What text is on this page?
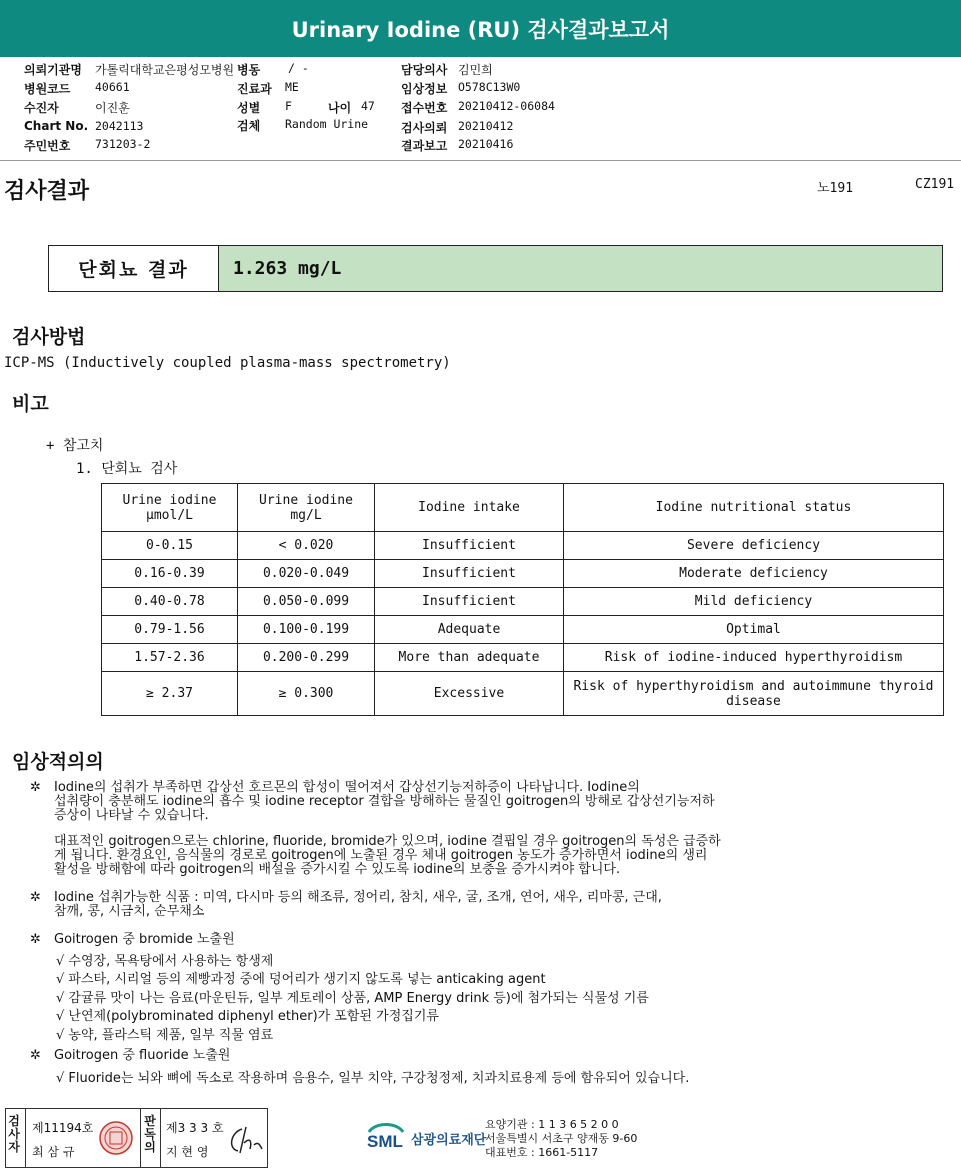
Urinary Iodine (RU) 검사결과보고서
의뢰기관명 가톨릭대학교은평성모병원 병동 / -	담당의사 김민희
병원코드 40661	진료과 ME	임상정보 O578C13W0
수진자	이진훈	성별 F	나이 47 접수번호 20210412-06084
Chart No. 2042113	검체 Random Urine	검사의뢰 20210412
주민번호 731203-2	결과보고 20210416
검사결과	노191	CZ191
단회뇨 결과	1.263 mg/L
검사방법
ICP-MS (Inductively coupled plasma-mass spectrometry)
비고
+ 참고치
1. 단회뇨 검사
Urine iodine μmol/L	Urine iodine mg/L	Iodine intake	Iodine nutritional status
0-0.15	< 0.020	Insufficient	Severe deficiency
0.16-0.39	0.020-0.049	Insufficient	Moderate deficiency
0.40-0.78	0.050-0.099	Insufficient	Mild deficiency
0.79-1.56	0.100-0.199	Adequate	Optimal
1.57-2.36	0.200-0.299	More than adequate	Risk of iodine-induced hyperthyroidism
≥ 2.37	≥ 0.300	Excessive	Risk of hyperthyroidism and autoimmune thyroid disease
임상적의의
✲ Iodine의 섭취가 부족하면 갑상선 호르몬의 합성이 떨어져서 갑상선기능저하증이 나타납니다. Iodine의
섭취량이 충분해도 iodine의 흡수 및 iodine receptor 결합을 방해하는 물질인 goitrogen의 방해로 갑상선기능저하
증상이 나타날 수 있습니다.
대표적인 goitrogen으로는 chlorine, fluoride, bromide가 있으며, iodine 결핍일 경우 goitrogen의 독성은 급증하
게 됩니다. 환경요인, 음식물의 경로로 goitrogen에 노출된 경우 체내 goitrogen 농도가 증가하면서 iodine의 생리
활성을 방해함에 따라 goitrogen의 배설을 증가시킬 수 있도록 iodine의 보충을 증가시켜야 합니다.
✲ Iodine 섭취가능한 식품 : 미역, 다시마 등의 해조류, 정어리, 참치, 새우, 굴, 조개, 연어, 새우, 리마콩, 근대,
참깨, 콩, 시금치, 순무채소
✲ Goitrogen 중 bromide 노출원
√ 수영장, 목욕탕에서 사용하는 항생제
√ 파스타, 시리얼 등의 제빵과정 중에 덩어리가 생기지 않도록 넣는 anticaking agent
√ 감귤류 맛이 나는 음료(마운틴듀, 일부 게토레이 상품, AMP Energy drink 등)에 첨가되는 식물성 기름
√ 난연제(polybrominated diphenyl ether)가 포함된 가정집기류
√ 농약, 플라스틱 제품, 일부 직물 염료
✲ Goitrogen 중 fluoride 노출원
√ Fluoride는 뇌와 뼈에 독소로 작용하며 음용수, 일부 치약, 구강청정제, 치과치료용제 등에 함유되어 있습니다.
검
사
자
제11194호
최 삼 규
판
독
의
제3 3 3 호
지 현 영
SML 삼광의료재단
요양기관 : 1 1 3 6 5 2 0 0
서울특별시 서초구 양재동 9-60
대표번호 : 1661-5117
